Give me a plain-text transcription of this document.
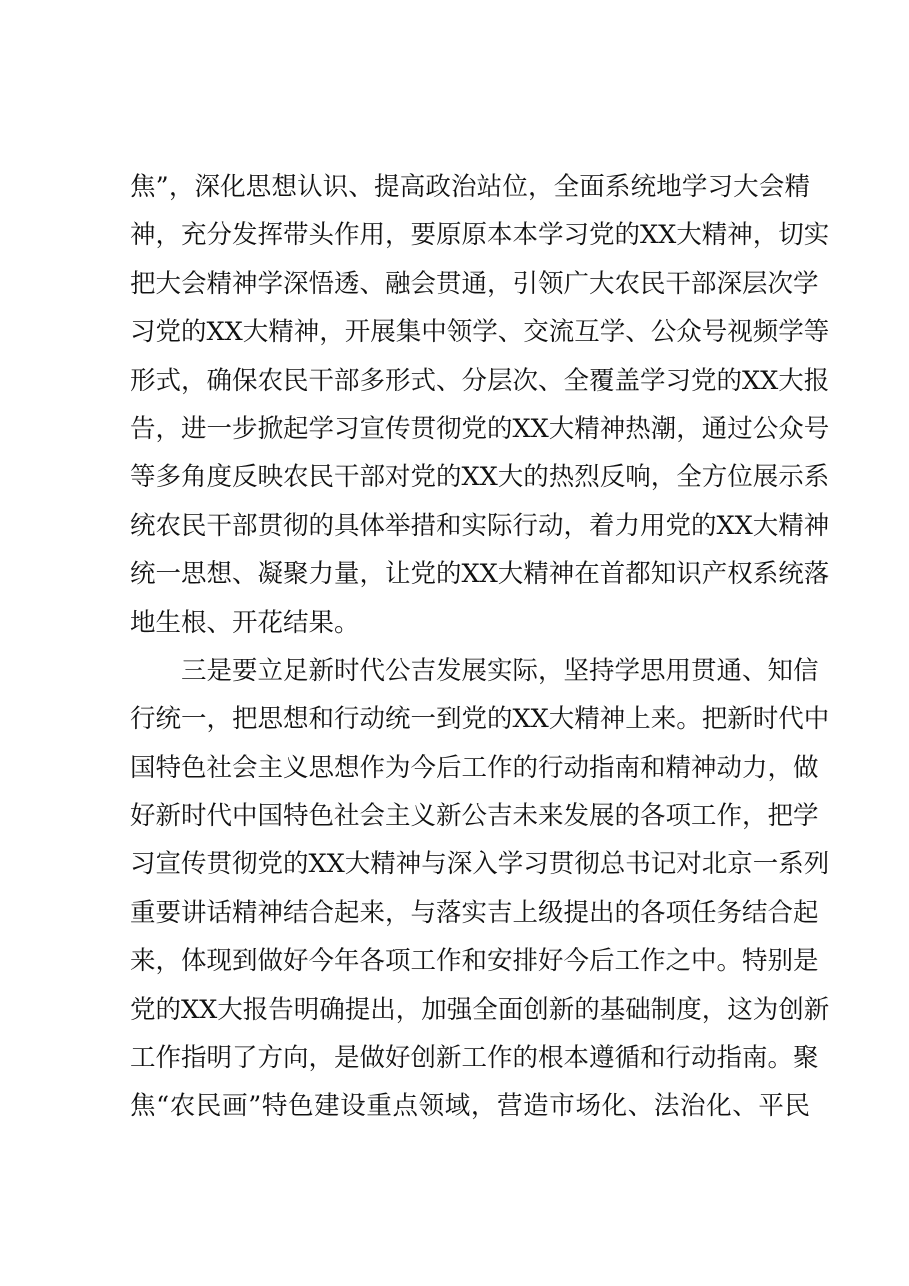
焦”，深化思想认识、提高政治站位，全面系统地学习大会精
神，充分发挥带头作用，要原原本本学习党的XX大精神，切实
把大会精神学深悟透、融会贯通，引领广大农民干部深层次学
习党的XX大精神，开展集中领学、交流互学、公众号视频学等
形式，确保农民干部多形式、分层次、全覆盖学习党的XX大报
告，进一步掀起学习宣传贯彻党的XX大精神热潮，通过公众号
等多角度反映农民干部对党的XX大的热烈反响，全方位展示系
统农民干部贯彻的具体举措和实际行动，着力用党的XX大精神
统一思想、凝聚力量，让党的XX大精神在首都知识产权系统落
地生根、开花结果。
三是要立足新时代公吉发展实际，坚持学思用贯通、知信
行统一，把思想和行动统一到党的XX大精神上来。把新时代中
国特色社会主义思想作为今后工作的行动指南和精神动力，做
好新时代中国特色社会主义新公吉未来发展的各项工作，把学
习宣传贯彻党的XX大精神与深入学习贯彻总书记对北京一系列
重要讲话精神结合起来，与落实吉上级提出的各项任务结合起
来，体现到做好今年各项工作和安排好今后工作之中。特别是
党的XX大报告明确提出，加强全面创新的基础制度，这为创新
工作指明了方向，是做好创新工作的根本遵循和行动指南。聚
焦“农民画”特色建设重点领域，营造市场化、法治化、平民
